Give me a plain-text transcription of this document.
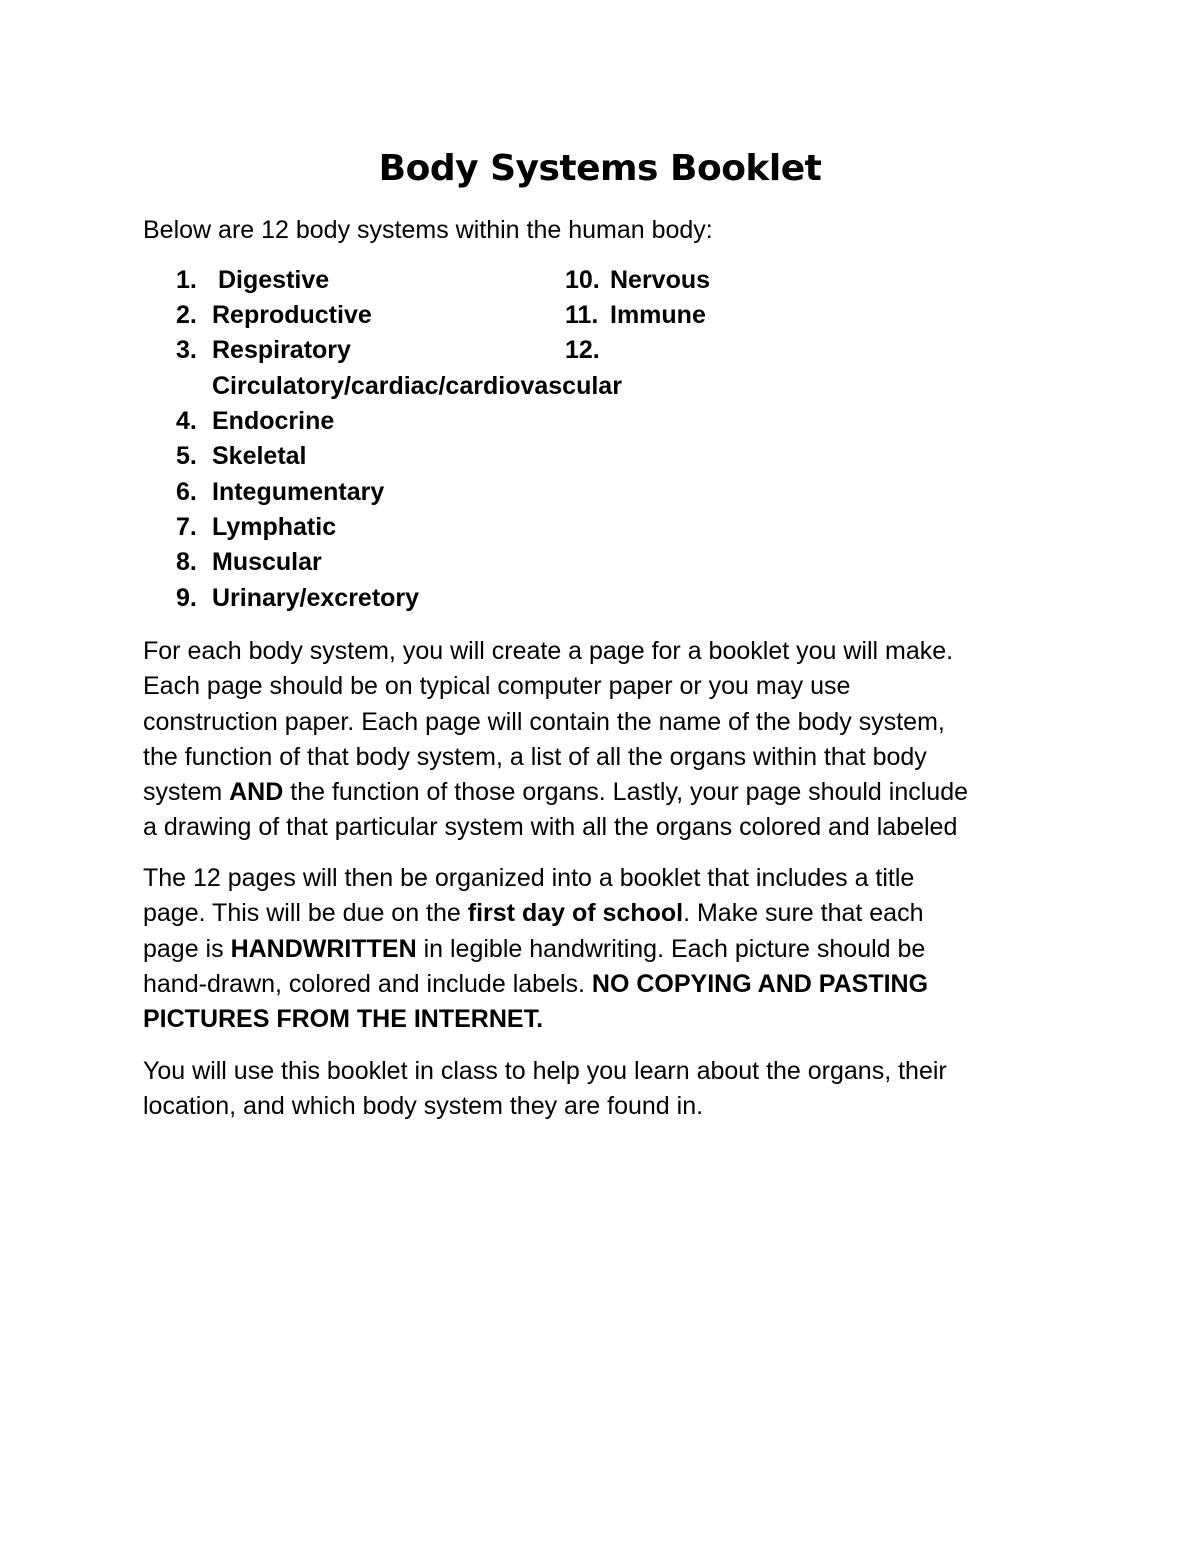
Body Systems Booklet
Below are 12 body systems within the human body:
1. Digestive
2. Reproductive
3. Respiratory
Circulatory/cardiac/cardiovascular
4. Endocrine
5. Skeletal
6. Integumentary
7. Lymphatic
8. Muscular
9. Urinary/excretory
10. Nervous
11. Immune
12.
For each body system, you will create a page for a booklet you will make.
Each page should be on typical computer paper or you may use
construction paper. Each page will contain the name of the body system,
the function of that body system, a list of all the organs within that body
system AND the function of those organs. Lastly, your page should include
a drawing of that particular system with all the organs colored and labeled
The 12 pages will then be organized into a booklet that includes a title
page. This will be due on the first day of school. Make sure that each
page is HANDWRITTEN in legible handwriting. Each picture should be
hand-drawn, colored and include labels. NO COPYING AND PASTING
PICTURES FROM THE INTERNET.
You will use this booklet in class to help you learn about the organs, their
location, and which body system they are found in.
